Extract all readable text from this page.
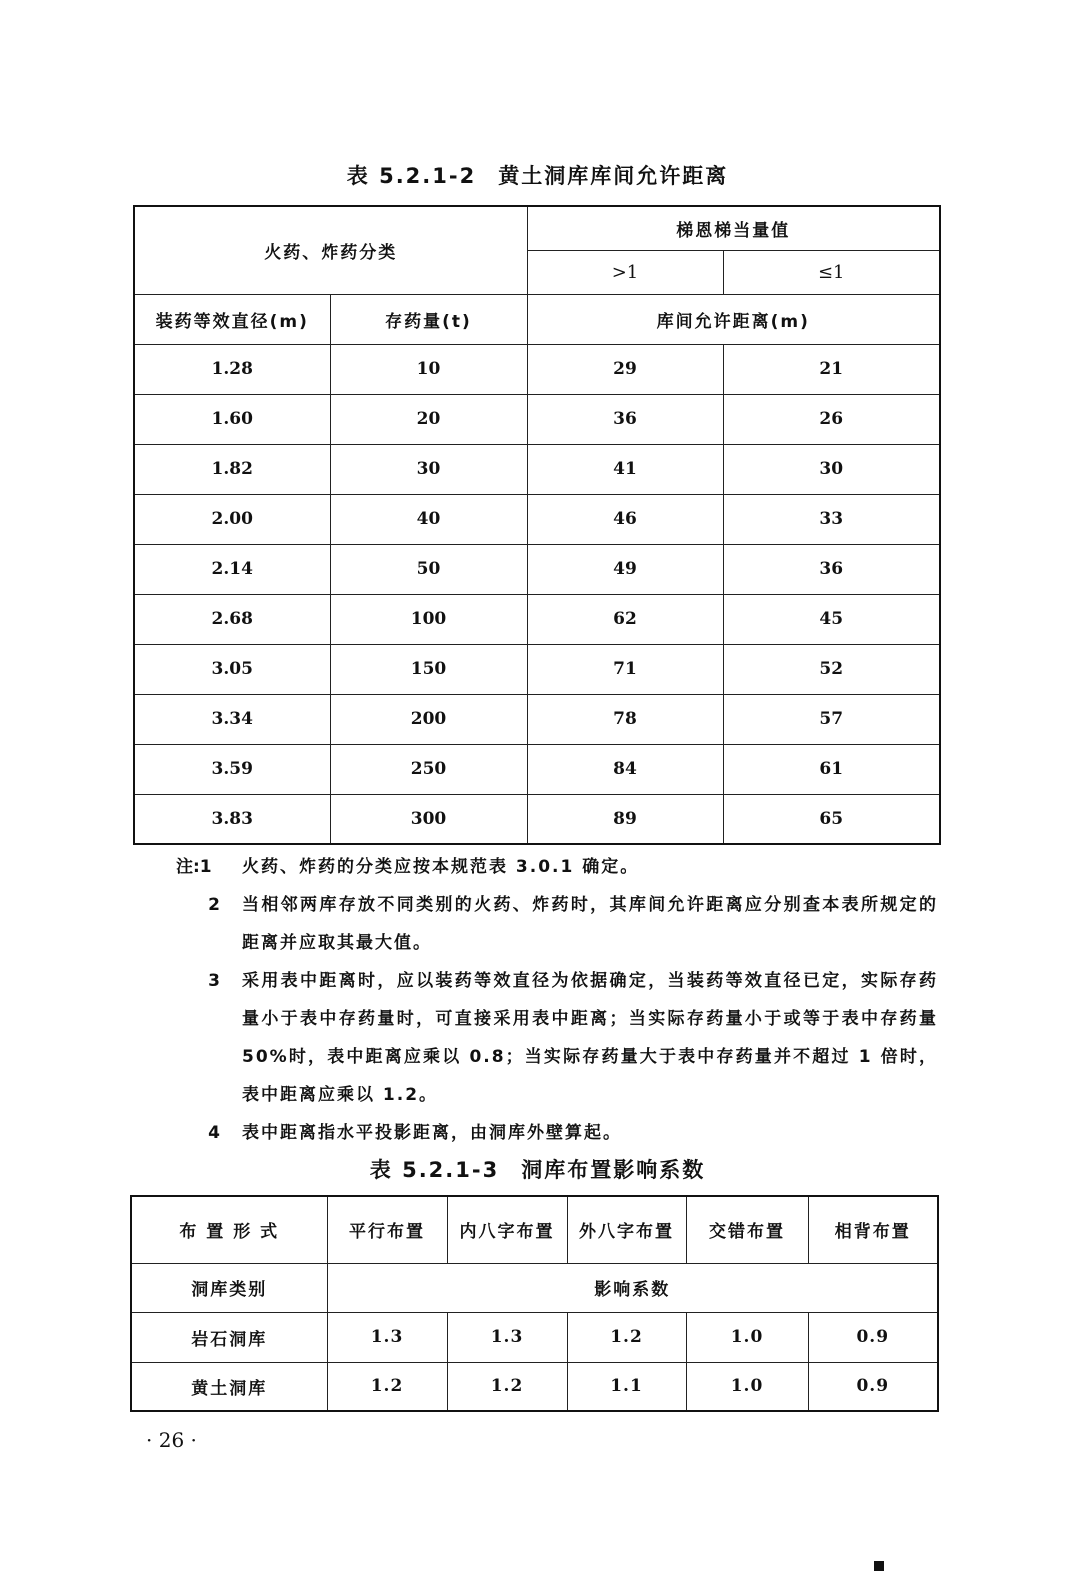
表 5.2.1-2 黄土洞库库间允许距离
火药、炸药分类		梯恩梯当量值	
		>1	≤1
装药等效直径(m)	存药量(t)	库间允许距离(m)	
1.28	10	29	21
1.60	20	36	26
1.82	30	41	30
2.00	40	46	33
2.14	50	49	36
2.68	100	62	45
3.05	150	71	52
3.34	200	78	57
3.59	250	84	61
3.83	300	89	65
注:1	火药、炸药的分类应按本规范表 3.0.1 确定。
2	当相邻两库存放不同类别的火药、炸药时，其库间允许距离应分别查本表所规定的距离并应取其最大值。
3	采用表中距离时，应以装药等效直径为依据确定，当装药等效直径已定，实际存药量小于表中存药量时，可直接采用表中距离；当实际存药量小于或等于表中存药量 50%时，表中距离应乘以 0.8；当实际存药量大于表中存药量并不超过 1 倍时，表中距离应乘以 1.2。
4	表中距离指水平投影距离，由洞库外壁算起。
表 5.2.1-3 洞库布置影响系数
布 置 形 式	平行布置	内八字布置	外八字布置	交错布置	相背布置
洞库类别	影响系数				
岩石洞库	1.3	1.3	1.2	1.0	0.9
黄土洞库	1.2	1.2	1.1	1.0	0.9
· 26 ·
